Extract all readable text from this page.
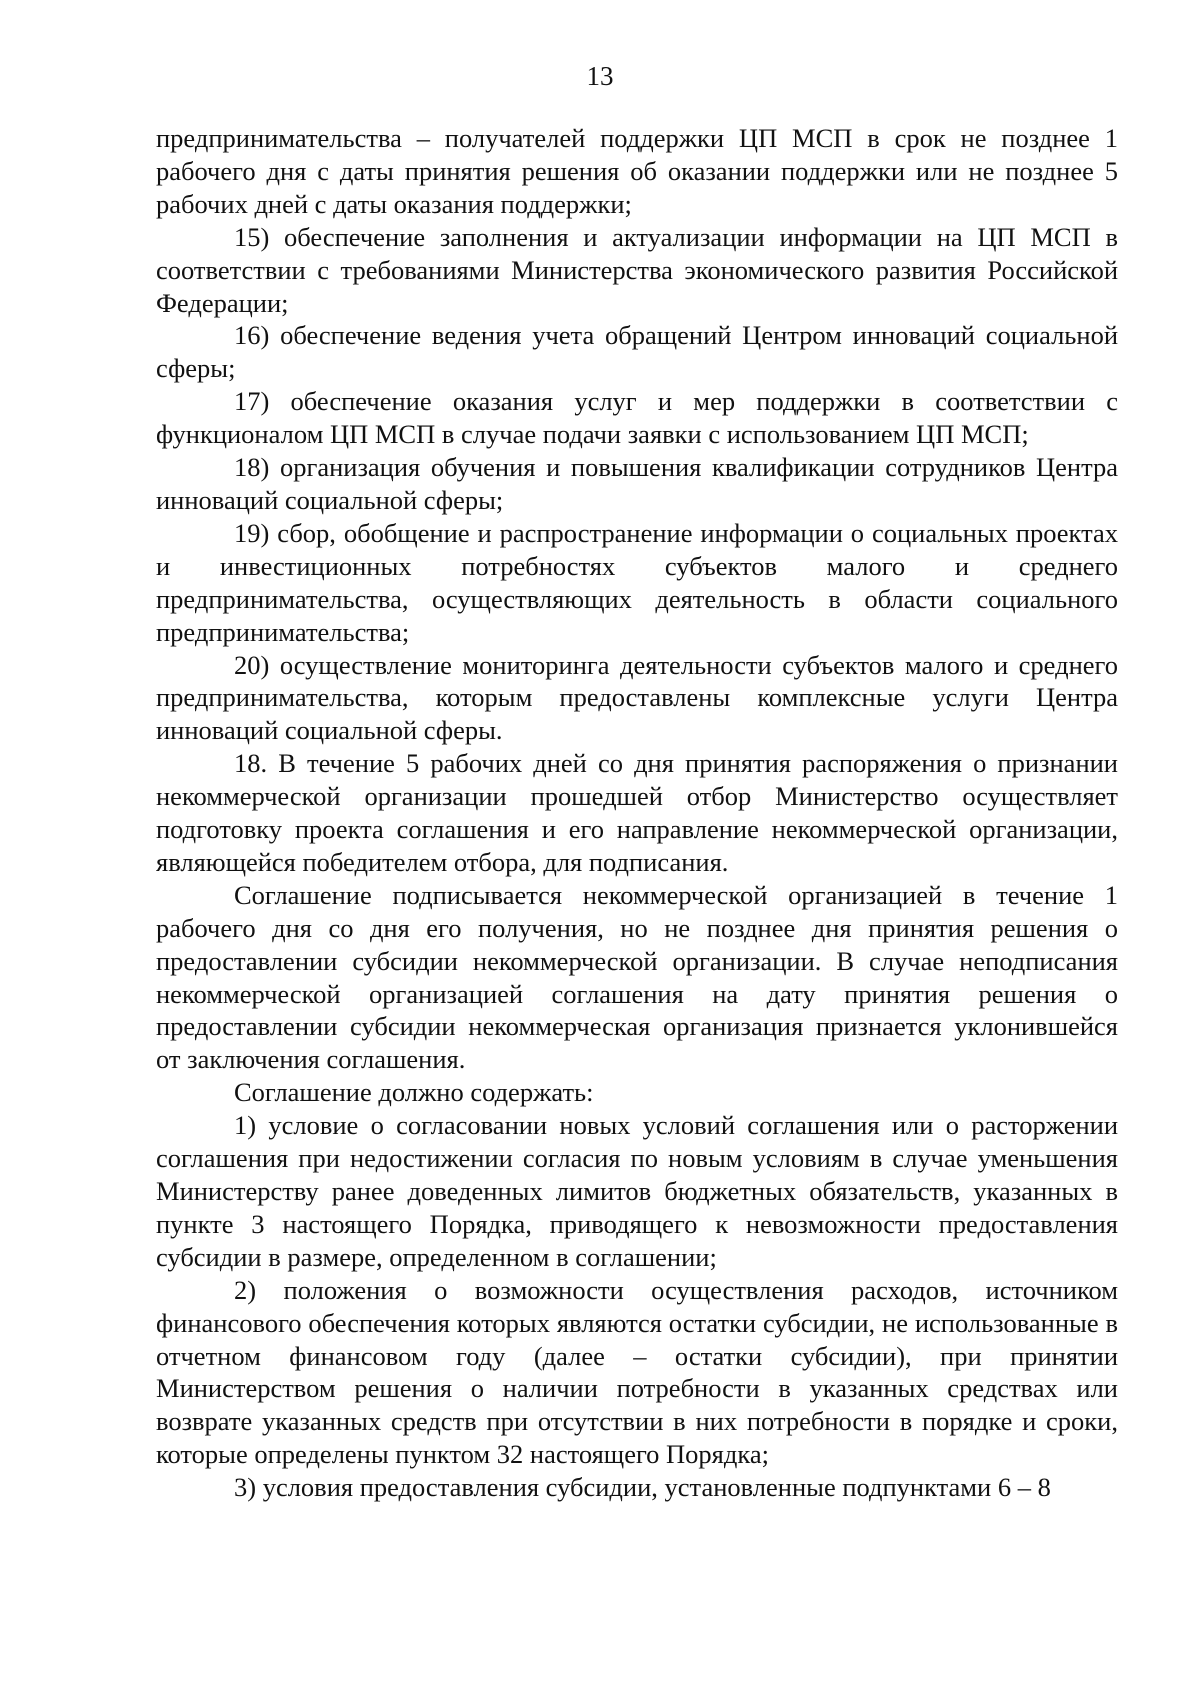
13

предпринимательства – получателей поддержки ЦП МСП в срок не позднее 1 рабочего дня с даты принятия решения об оказании поддержки или не позднее 5 рабочих дней с даты оказания поддержки;

15) обеспечение заполнения и актуализации информации на ЦП МСП в соответствии с требованиями Министерства экономического развития Российской Федерации;

16) обеспечение ведения учета обращений Центром инноваций социальной сферы;

17) обеспечение оказания услуг и мер поддержки в соответствии с функционалом ЦП МСП в случае подачи заявки с использованием ЦП МСП;

18) организация обучения и повышения квалификации сотрудников Центра инноваций социальной сферы;

19) сбор, обобщение и распространение информации о социальных проектах и инвестиционных потребностях субъектов малого и среднего предпринимательства, осуществляющих деятельность в области социального предпринимательства;

20) осуществление мониторинга деятельности субъектов малого и среднего предпринимательства, которым предоставлены комплексные услуги Центра инноваций социальной сферы.

18. В течение 5 рабочих дней со дня принятия распоряжения о признании некоммерческой организации прошедшей отбор Министерство осуществляет подготовку проекта соглашения и его направление некоммерческой организации, являющейся победителем отбора, для подписания.

Соглашение подписывается некоммерческой организацией в течение 1 рабочего дня со дня его получения, но не позднее дня принятия решения о предоставлении субсидии некоммерческой организации. В случае неподписания некоммерческой организацией соглашения на дату принятия решения о предоставлении субсидии некоммерческая организация признается уклонившейся от заключения соглашения.

Соглашение должно содержать:

1) условие о согласовании новых условий соглашения или о расторжении соглашения при недостижении согласия по новым условиям в случае уменьшения Министерству ранее доведенных лимитов бюджетных обязательств, указанных в пункте 3 настоящего Порядка, приводящего к невозможности предоставления субсидии в размере, определенном в соглашении;

2) положения о возможности осуществления расходов, источником финансового обеспечения которых являются остатки субсидии, не использованные в отчетном финансовом году (далее – остатки субсидии), при принятии Министерством решения о наличии потребности в указанных средствах или возврате указанных средств при отсутствии в них потребности в порядке и сроки, которые определены пунктом 32 настоящего Порядка;

3) условия предоставления субсидии, установленные подпунктами 6 – 8
